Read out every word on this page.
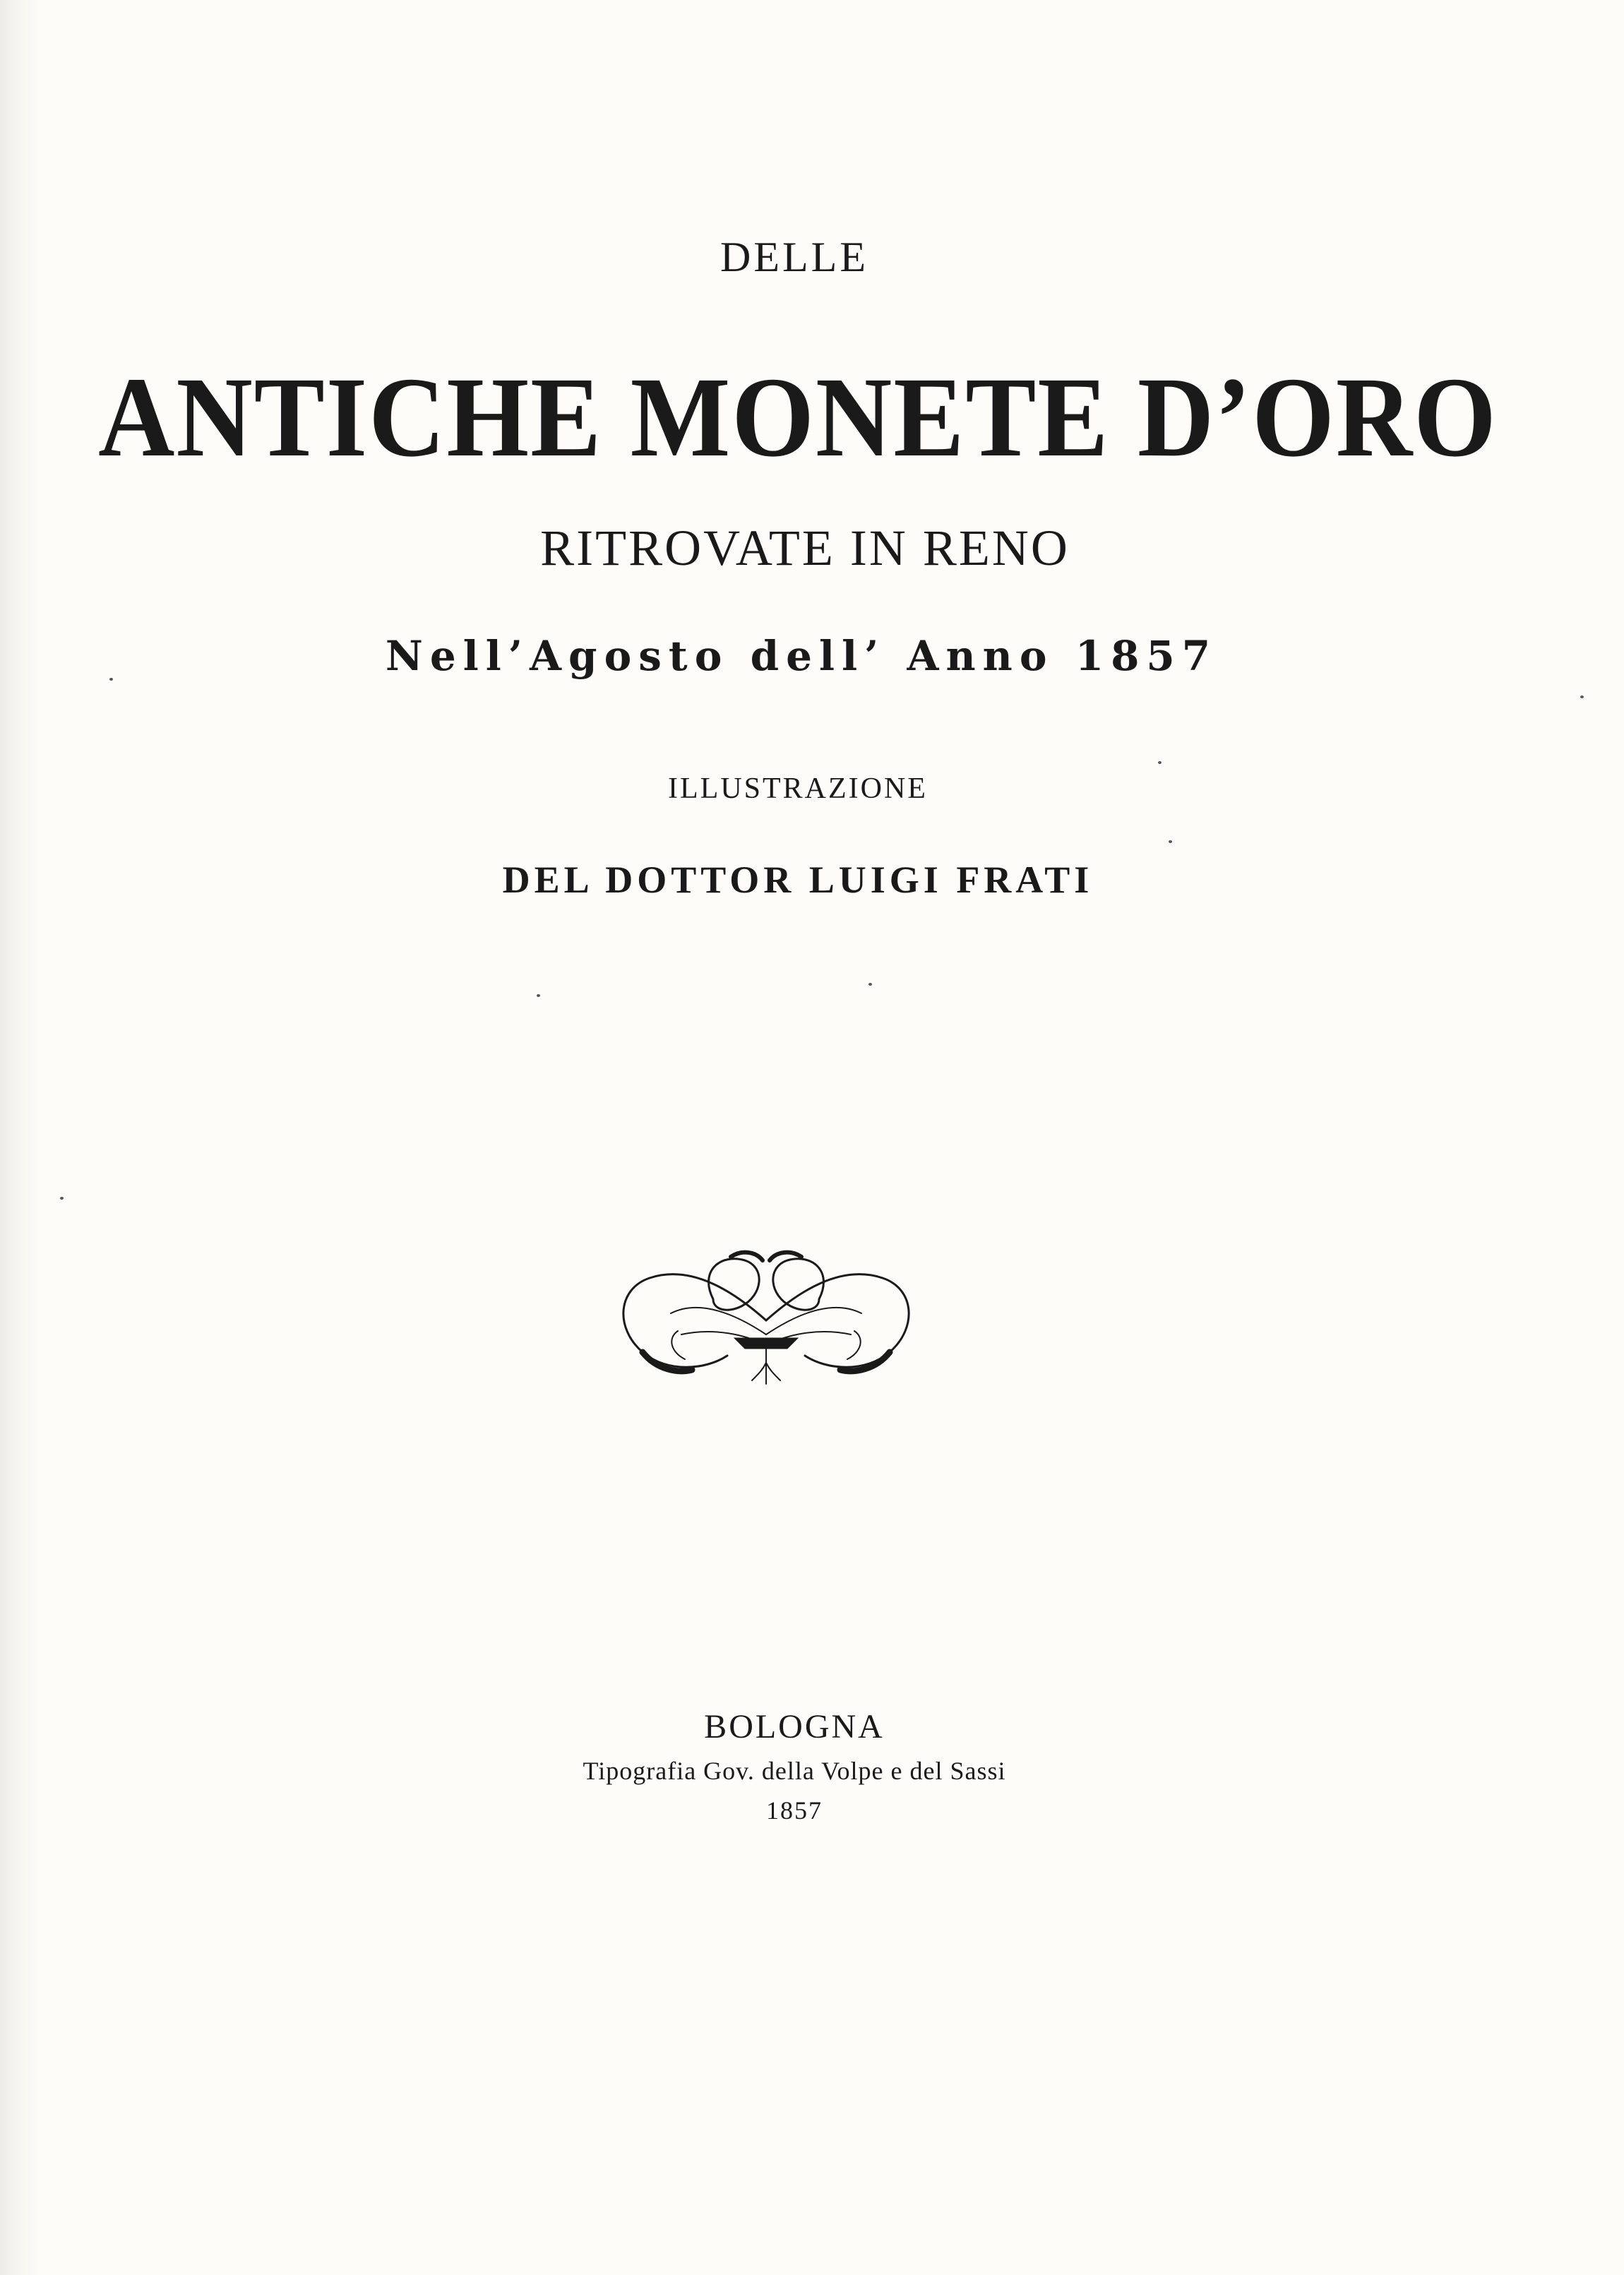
DELLE
ANTICHE MONETE D’ORO
RITROVATE IN RENO
Nell’Agosto dell’ Anno 1857
ILLUSTRAZIONE
DEL DOTTOR LUIGI FRATI
BOLOGNA
Tipografia Gov. della Volpe e del Sassi
1857
